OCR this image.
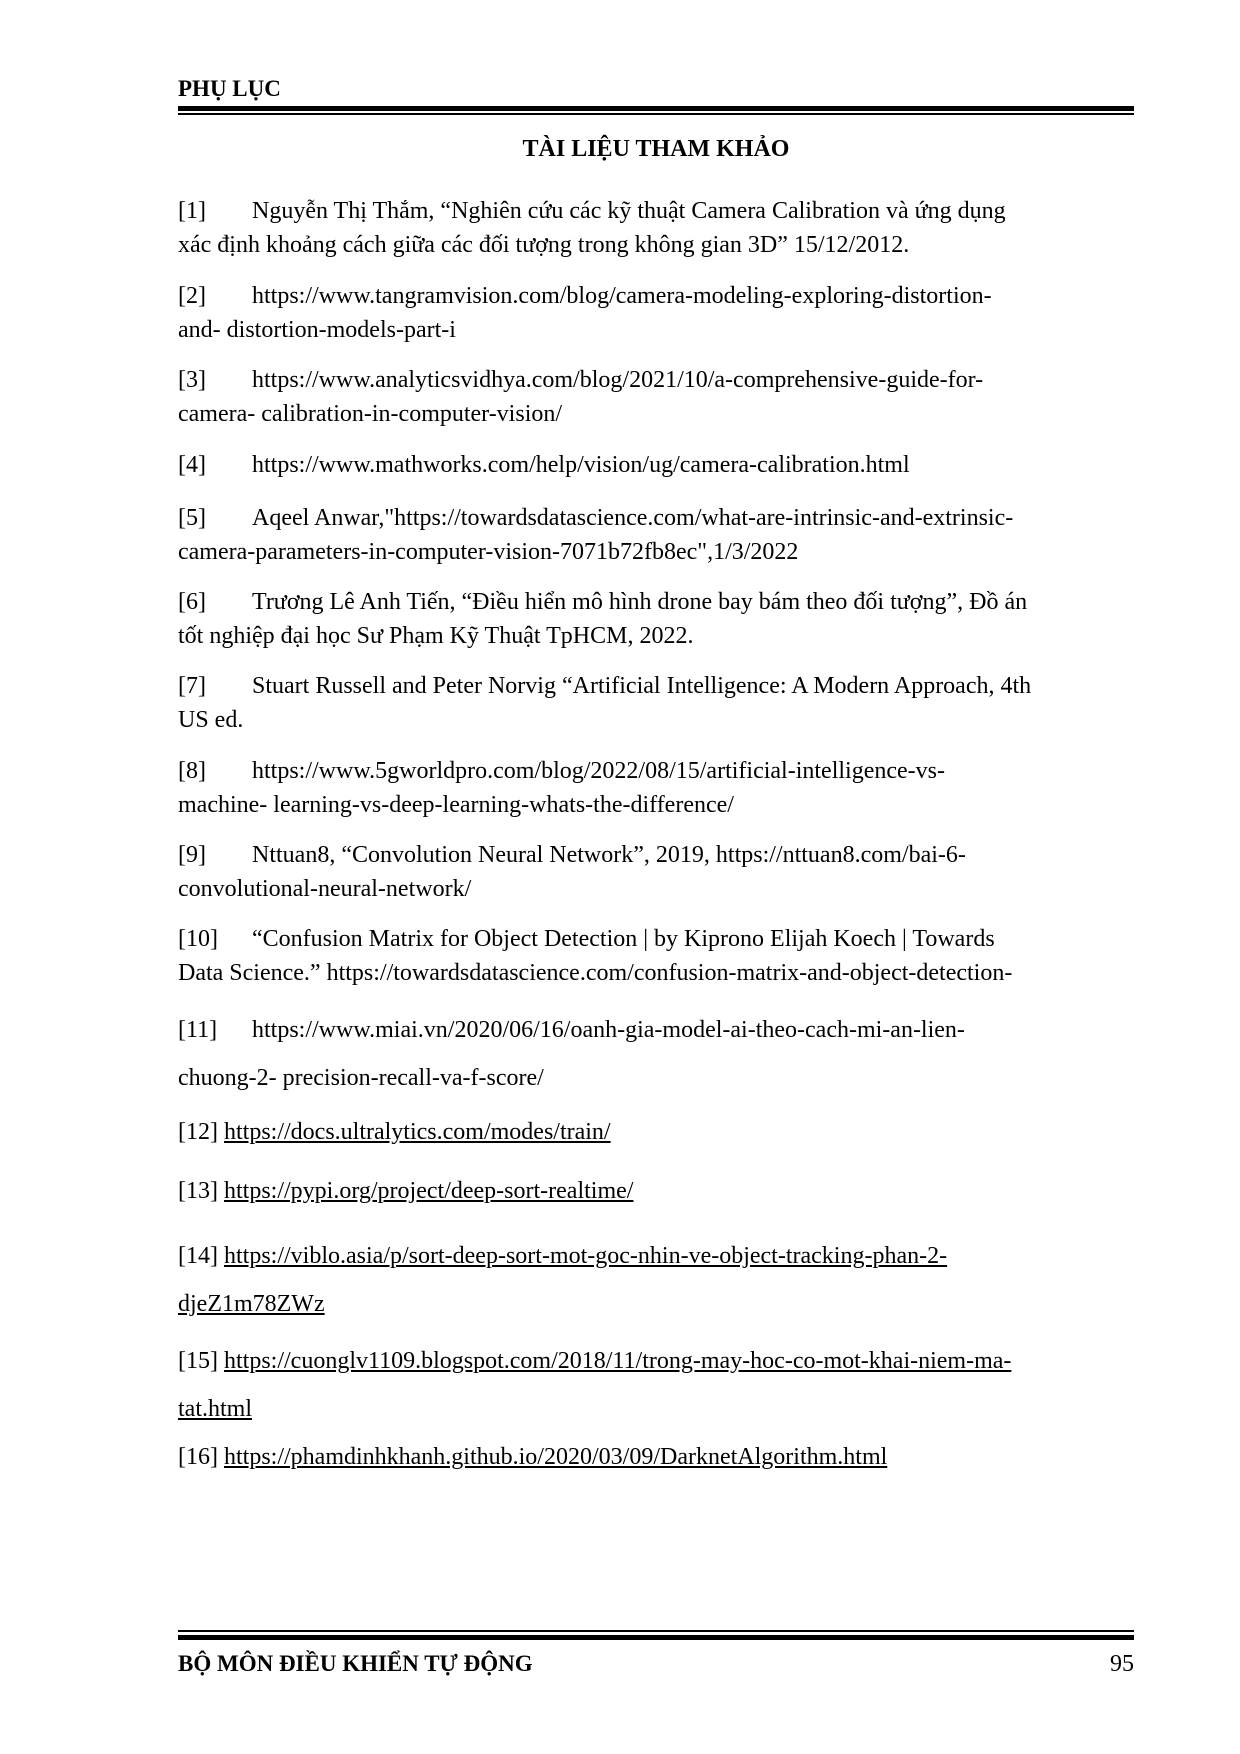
PHỤ LỤC
TÀI LIỆU THAM KHẢO
[1] Nguyễn Thị Thắm, “Nghiên cứu các kỹ thuật Camera Calibration và ứng dụng
xác định khoảng cách giữa các đối tượng trong không gian 3D” 15/12/2012.
[2] https://www.tangramvision.com/blog/camera-modeling-exploring-distortion-
and- distortion-models-part-i
[3] https://www.analyticsvidhya.com/blog/2021/10/a-comprehensive-guide-for-
camera- calibration-in-computer-vision/
[4] https://www.mathworks.com/help/vision/ug/camera-calibration.html
[5] Aqeel Anwar,"https://towardsdatascience.com/what-are-intrinsic-and-extrinsic-
camera-parameters-in-computer-vision-7071b72fb8ec",1/3/2022
[6] Trương Lê Anh Tiến, “Điều hiển mô hình drone bay bám theo đối tượng”, Đồ án
tốt nghiệp đại học Sư Phạm Kỹ Thuật TpHCM, 2022.
[7] Stuart Russell and Peter Norvig “Artificial Intelligence: A Modern Approach, 4th
US ed.
[8] https://www.5gworldpro.com/blog/2022/08/15/artificial-intelligence-vs-
machine- learning-vs-deep-learning-whats-the-difference/
[9] Nttuan8, “Convolution Neural Network”, 2019, https://nttuan8.com/bai-6-
convolutional-neural-network/
[10] “Confusion Matrix for Object Detection | by Kiprono Elijah Koech | Towards
Data Science.” https://towardsdatascience.com/confusion-matrix-and-object-detection-
[11] https://www.miai.vn/2020/06/16/oanh-gia-model-ai-theo-cach-mi-an-lien-
chuong-2- precision-recall-va-f-score/
[12] https://docs.ultralytics.com/modes/train/
[13] https://pypi.org/project/deep-sort-realtime/
[14] https://viblo.asia/p/sort-deep-sort-mot-goc-nhin-ve-object-tracking-phan-2-
djeZ1m78ZWz
[15] https://cuonglv1109.blogspot.com/2018/11/trong-may-hoc-co-mot-khai-niem-ma-
tat.html
[16] https://phamdinhkhanh.github.io/2020/03/09/DarknetAlgorithm.html
BỘ MÔN ĐIỀU KHIỂN TỰ ĐỘNG	95
